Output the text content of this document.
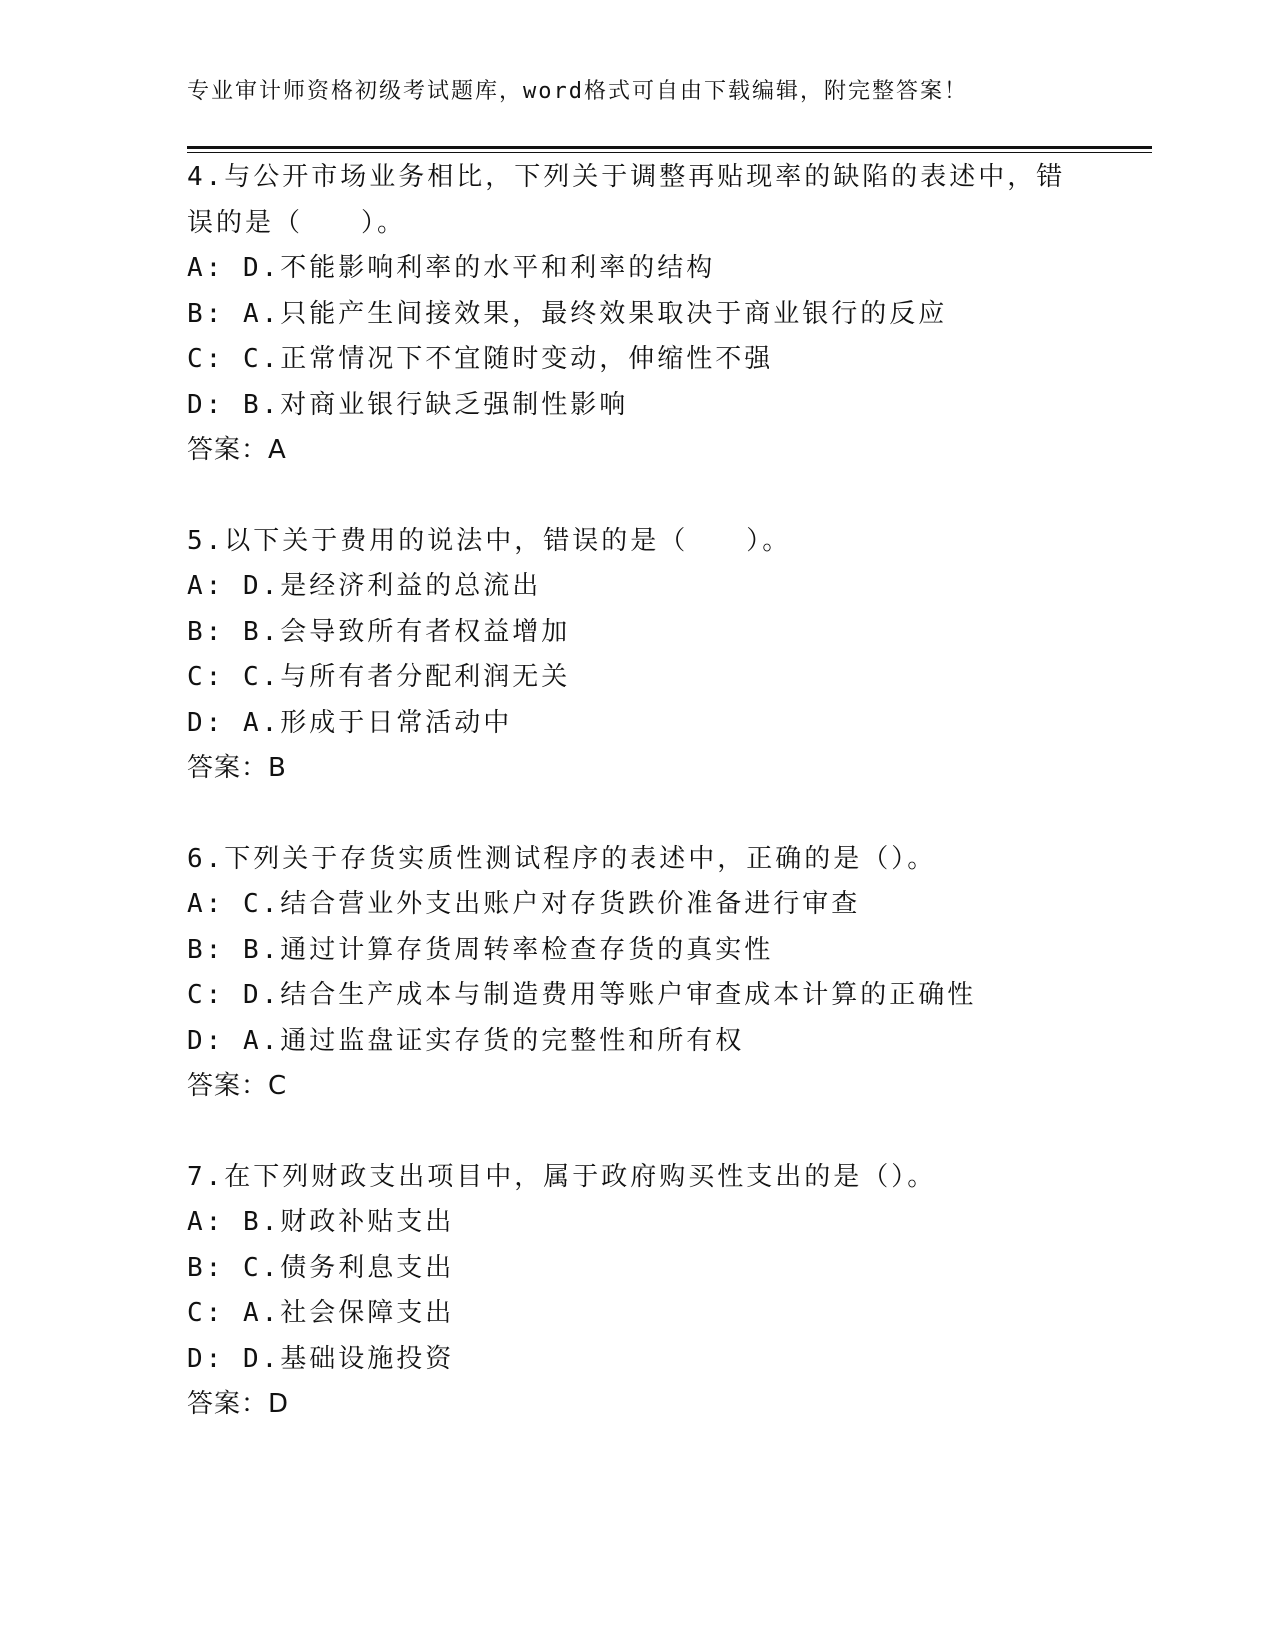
专业审计师资格初级考试题库，word格式可自由下载编辑，附完整答案！
4.与公开市场业务相比，下列关于调整再贴现率的缺陷的表述中，错误的是（　　）。
A: D.不能影响利率的水平和利率的结构
B: A.只能产生间接效果，最终效果取决于商业银行的反应
C: C.正常情况下不宜随时变动，伸缩性不强
D: B.对商业银行缺乏强制性影响
答案：A
5.以下关于费用的说法中，错误的是（　　）。
A: D.是经济利益的总流出
B: B.会导致所有者权益增加
C: C.与所有者分配利润无关
D: A.形成于日常活动中
答案：B
6.下列关于存货实质性测试程序的表述中，正确的是（）。
A: C.结合营业外支出账户对存货跌价准备进行审查
B: B.通过计算存货周转率检查存货的真实性
C: D.结合生产成本与制造费用等账户审查成本计算的正确性
D: A.通过监盘证实存货的完整性和所有权
答案：C
7.在下列财政支出项目中，属于政府购买性支出的是（）。
A: B.财政补贴支出
B: C.债务利息支出
C: A.社会保障支出
D: D.基础设施投资
答案：D
